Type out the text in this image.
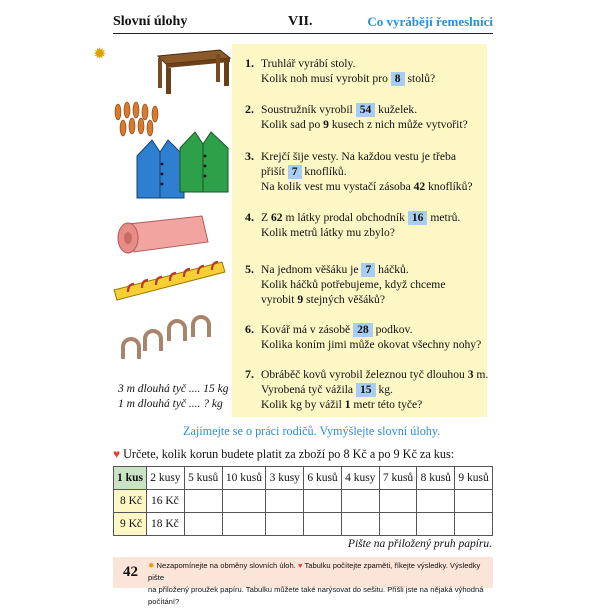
Slovní úlohy	VII.	Co vyrábějí řemeslníci
✹	1. Truhlář vyrábí stoly.
Kolik noh musí vyrobit pro 8 stolů?
2. Soustružník vyrobil 54 kuželek.
Kolik sad po 9 kusech z nich může vytvořit?
3. Krejčí šije vesty. Na každou vestu je třeba
přišít 7 knoflíků.
Na kolik vest mu vystačí zásoba 42 knoflíků?
4. Z 62 m látky prodal obchodník 16 metrů.
Kolik metrů látky mu zbylo?
5. Na jednom věšáku je 7 háčků.
Kolik háčků potřebujeme, když chceme
vyrobit 9 stejných věšáků?
6. Kovář má v zásobě 28 podkov.
Kolika koním jimi může okovat všechny nohy?
7. Obráběč kovů vyrobil železnou tyč dlouhou 3 m.
Vyrobená tyč vážila 15 kg.
Kolik kg by vážil 1 metr této tyče?
3 m dlouhá tyč .... 15 kg
1 m dlouhá tyč .... ? kg
Zajímejte se o práci rodičů. Vymýšlejte slovní úlohy.
♥ Určete, kolik korun budete platit za zboží po 8 Kč a po 9 Kč za kus:
1 kus	2 kusy	5 kusů	10 kusů	3 kusy	6 kusů	4 kusy	7 kusů	8 kusů	9 kusů
8 Kč	16 Kč								
9 Kč	18 Kč								
Pište na přiložený pruh papíru.
42 ✹ Nezapomínejte na obměny slovních úloh. ♥ Tabulku počítejte zpaměti, říkejte výsledky. Výsledky pište
na přiložený proužek papíru. Tabulku můžete také narýsovat do sešitu. Přišli jste na nějaká výhodná počítání?
